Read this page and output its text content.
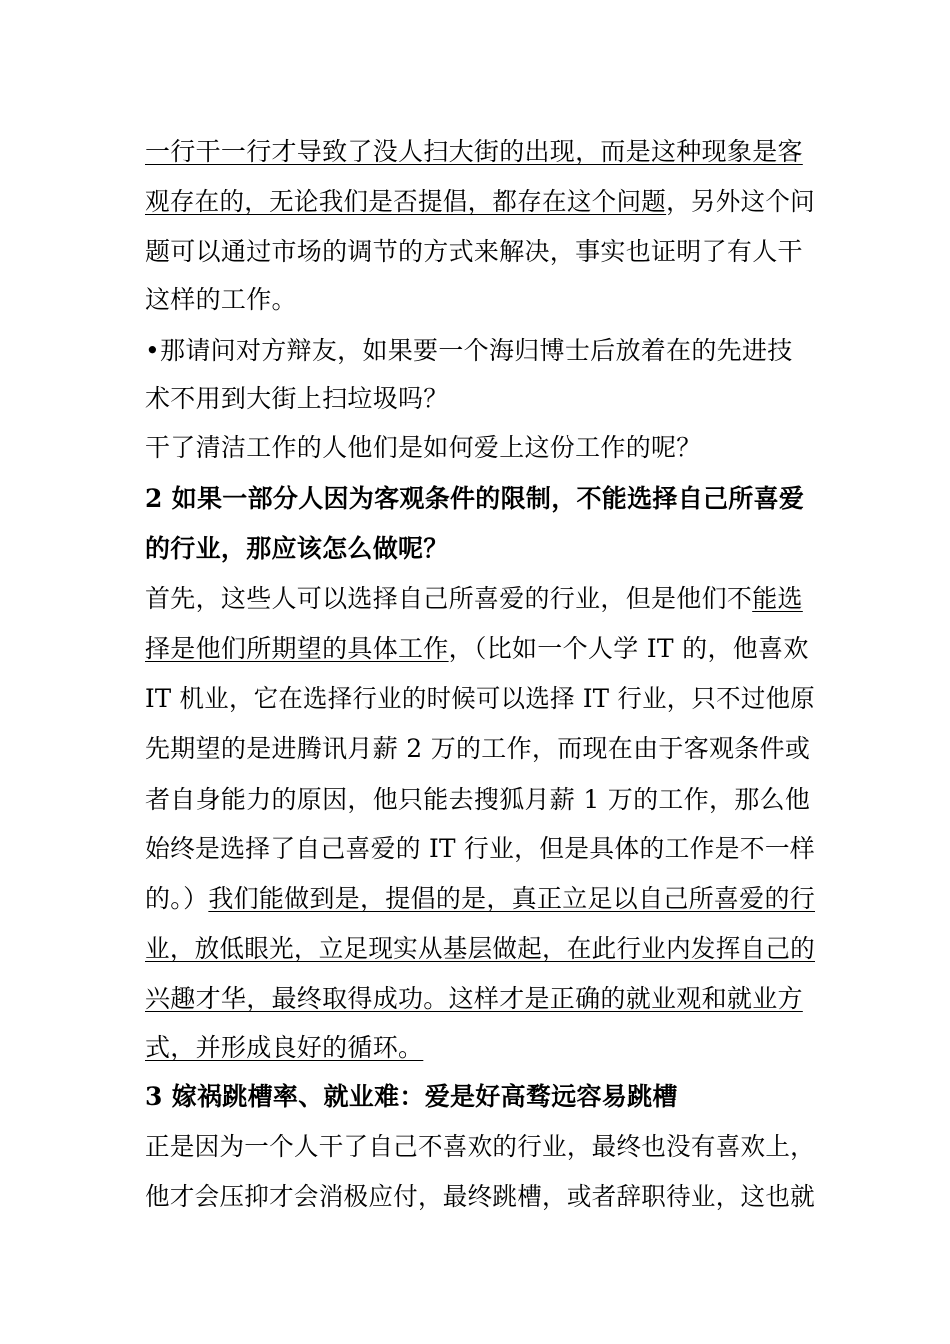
一行干一行才导致了没人扫大街的出现，而是这种现象是客
观存在的，无论我们是否提倡，都存在这个问题，另外这个问
题可以通过市场的调节的方式来解决，事实也证明了有人干
这样的工作。
•那请问对方辩友，如果要一个海归博士后放着在的先进技
术不用到大街上扫垃圾吗？
干了清洁工作的人他们是如何爱上这份工作的呢？
2 如果一部分人因为客观条件的限制，不能选择自己所喜爱
的行业，那应该怎么做呢？
首先，这些人可以选择自己所喜爱的行业，但是他们不能选
择是他们所期望的具体工作，（比如一个人学 IT 的，他喜欢
IT 机业，它在选择行业的时候可以选择 IT 行业，只不过他原
先期望的是进腾讯月薪 2 万的工作，而现在由于客观条件或
者自身能力的原因，他只能去搜狐月薪 1 万的工作，那么他
始终是选择了自己喜爱的 IT 行业，但是具体的工作是不一样
的。）我们能做到是，提倡的是，真正立足以自己所喜爱的行
业，放低眼光，立足现实从基层做起，在此行业内发挥自己的
兴趣才华，最终取得成功。这样才是正确的就业观和就业方
式，并形成良好的循环。
3 嫁祸跳槽率、就业难：爱是好高骛远容易跳槽
正是因为一个人干了自己不喜欢的行业，最终也没有喜欢上，
他才会压抑才会消极应付，最终跳槽，或者辞职待业，这也就
